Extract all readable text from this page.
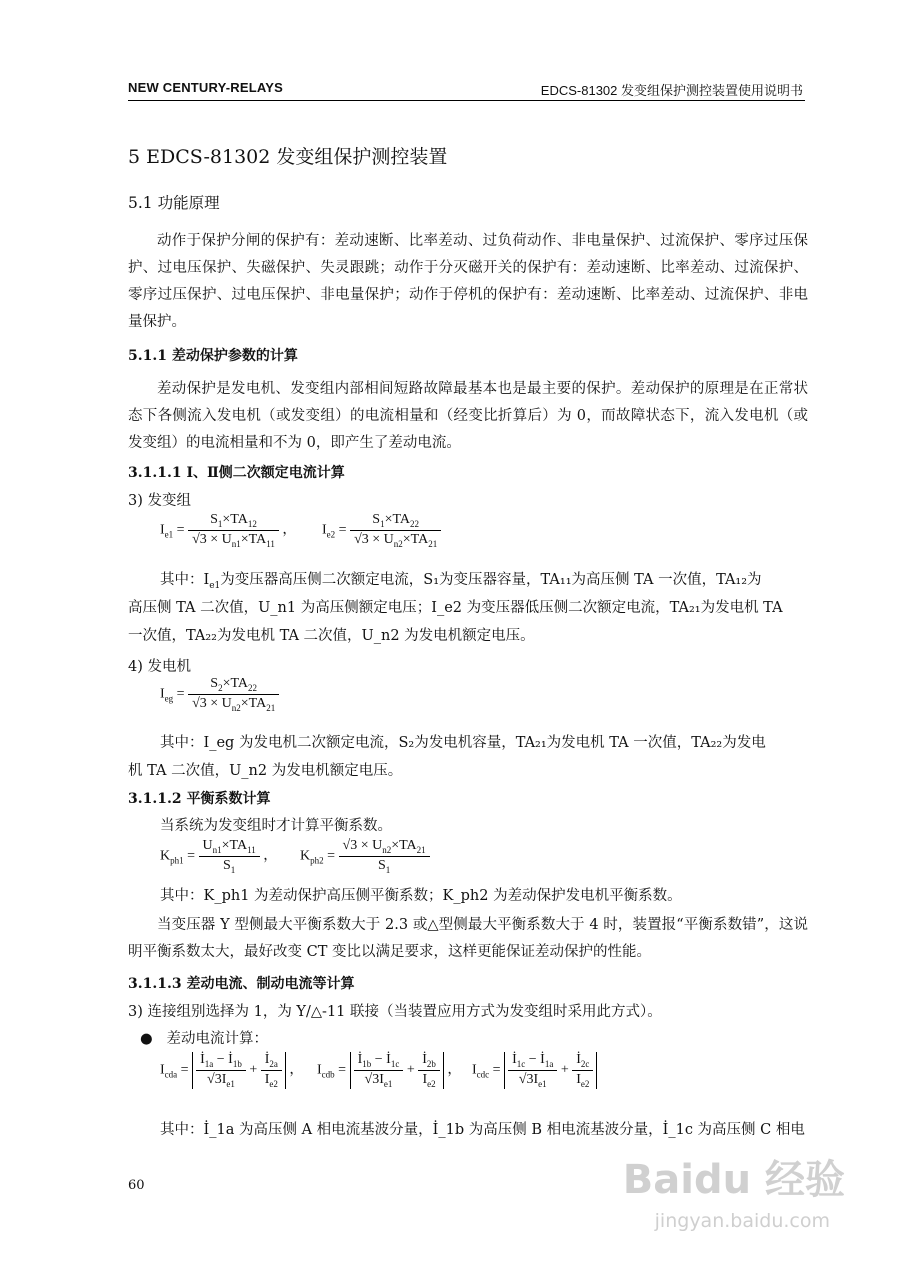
NEW CENTURY-RELAYS	EDCS-81302 发变组保护测控装置使用说明书
5 EDCS-81302 发变组保护测控装置
5.1 功能原理

动作于保护分闸的保护有：差动速断、比率差动、过负荷动作、非电量保护、过流保护、零序过压保护、过电压保护、失磁保护、失灵跟跳；动作于分灭磁开关的保护有：差动速断、比率差动、过流保护、零序过压保护、过电压保护、非电量保护；动作于停机的保护有：差动速断、比率差动、过流保护、非电量保护。

5.1.1 差动保护参数的计算

差动保护是发电机、发变组内部相间短路故障最基本也是最主要的保护。差动保护的原理是在正常状态下各侧流入发电机（或发变组）的电流相量和（经变比折算后）为 0，而故障状态下，流入发电机（或发变组）的电流相量和不为 0，即产生了差动电流。

3.1.1.1 Ⅰ、Ⅱ侧二次额定电流计算
3) 发变组
$I_{e1} = \frac{S_1\times TA_{12}}{√3 \times U_{n1}\times TA_{11}}$ ， $I_{e2} = \frac{S_1\times TA_{22}}{√3 \times U_{n2}\times TA_{21}}$
其中：$I_{e1}$为变压器高压侧二次额定电流，S₁为变压器容量，TA₁₁为高压侧 TA 一次值，TA₁₂为
高压侧 TA 二次值，U_n1 为高压侧额定电压；I_e2 为变压器低压侧二次额定电流，TA₂₁为发电机 TA
一次值，TA₂₂为发电机 TA 二次值，U_n2 为发电机额定电压。
4) 发电机
$I_{eg} = \frac{S_2\times TA_{22}}{√3 \times U_{n2}\times TA_{21}}$
其中：I_eg 为发电机二次额定电流，S₂为发电机容量，TA₂₁为发电机 TA 一次值，TA₂₂为发电
机 TA 二次值，U_n2 为发电机额定电压。
3.1.1.2 平衡系数计算
当系统为发变组时才计算平衡系数。
$K_{ph1} = \frac{U_{n1}\times TA_{11}}{S_1}$ ， $K_{ph2} = \frac{√3 \times U_{n2}\times TA_{21}}{S_1}$
其中：K_ph1 为差动保护高压侧平衡系数；K_ph2 为差动保护发电机平衡系数。

当变压器 Y 型侧最大平衡系数大于 2.3 或△型侧最大平衡系数大于 4 时，装置报“平衡系数错”，这说明平衡系数太大，最好改变 CT 变比以满足要求，这样更能保证差动保护的性能。

3.1.1.3 差动电流、制动电流等计算
3) 连接组别选择为 1，为 Y/△-11 联接（当装置应用方式为发变组时采用此方式）。
● 差动电流计算：
$I_{cda} = \frac{İ_{1a} - İ_{1b}}{√3I_{e1}} + \frac{İ_{2a}}{I_{e2}}$ ， $I_{cdb} = \frac{İ_{1b} - İ_{1c}}{√3I_{e1}} + \frac{İ_{2b}}{I_{e2}}$ ， $I_{cdc} = \frac{İ_{1c} - İ_{1a}}{√3I_{e1}} + \frac{İ_{2c}}{I_{e2}}$
其中：İ_1a 为高压侧 A 相电流基波分量，İ_1b 为高压侧 B 相电流基波分量，İ_1c 为高压侧 C 相电
60	Baidu 经验
jingyan.baidu.com
